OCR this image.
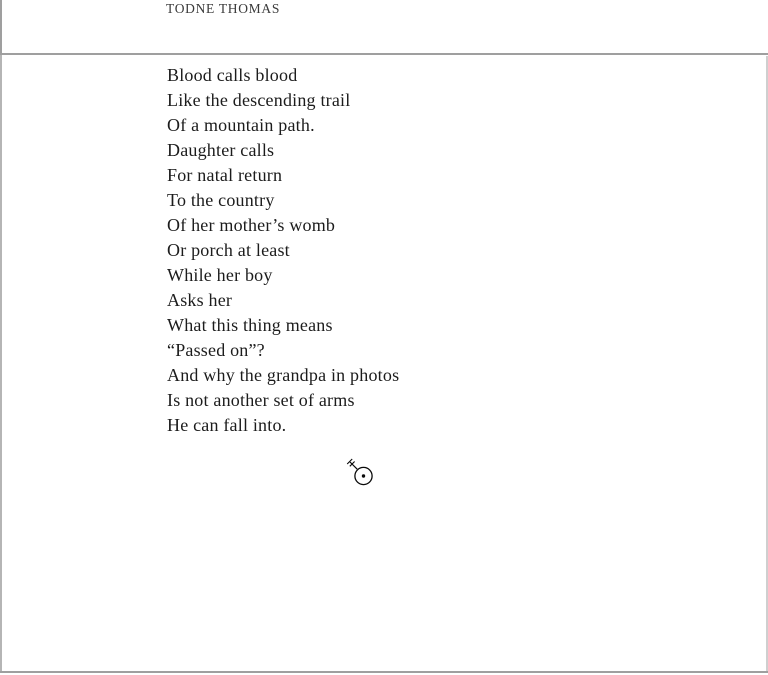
TODNE THOMAS
Blood calls blood
Like the descending trail
Of a mountain path.
Daughter calls
For natal return
To the country
Of her mother’s womb
Or porch at least
While her boy
Asks her
What this thing means
“Passed on”?
And why the grandpa in photos
Is not another set of arms
He can fall into.
